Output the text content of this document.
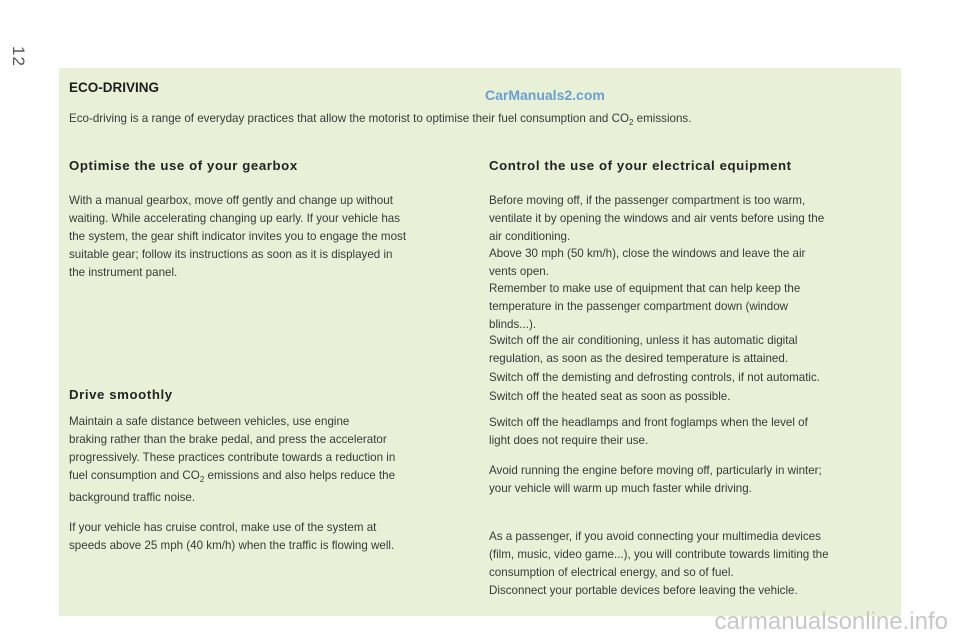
12
ECO-DRIVING	CarManuals2.com

Eco-driving is a range of everyday practices that allow the motorist to optimise their fuel consumption and $CO_2$ emissions.

Optimise the use of your gearbox

With a manual gearbox, move off gently and change up without

waiting. While accelerating changing up early. If your vehicle has

the system, the gear shift indicator invites you to engage the most

suitable gear; follow its instructions as soon as it is displayed in

the instrument panel.

Drive smoothly

Maintain a safe distance between vehicles, use engine

braking rather than the brake pedal, and press the accelerator

progressively. These practices contribute towards a reduction in

fuel consumption and $CO_2$ emissions and also helps reduce the

background traffic noise.

If your vehicle has cruise control, make use of the system at

speeds above 25 mph (40 km/h) when the traffic is flowing well.

Control the use of your electrical equipment

Before moving off, if the passenger compartment is too warm,

ventilate it by opening the windows and air vents before using the

air conditioning.

Above 30 mph (50 km/h), close the windows and leave the air

vents open.

Remember to make use of equipment that can help keep the

temperature in the passenger compartment down (window

blinds...).

Switch off the air conditioning, unless it has automatic digital

regulation, as soon as the desired temperature is attained.

Switch off the demisting and defrosting controls, if not automatic.

Switch off the heated seat as soon as possible.

Switch off the headlamps and front foglamps when the level of

light does not require their use.

Avoid running the engine before moving off, particularly in winter;

your vehicle will warm up much faster while driving.

As a passenger, if you avoid connecting your multimedia devices

(film, music, video game...), you will contribute towards limiting the

consumption of electrical energy, and so of fuel.

Disconnect your portable devices before leaving the vehicle.

carmanualsonline.info
